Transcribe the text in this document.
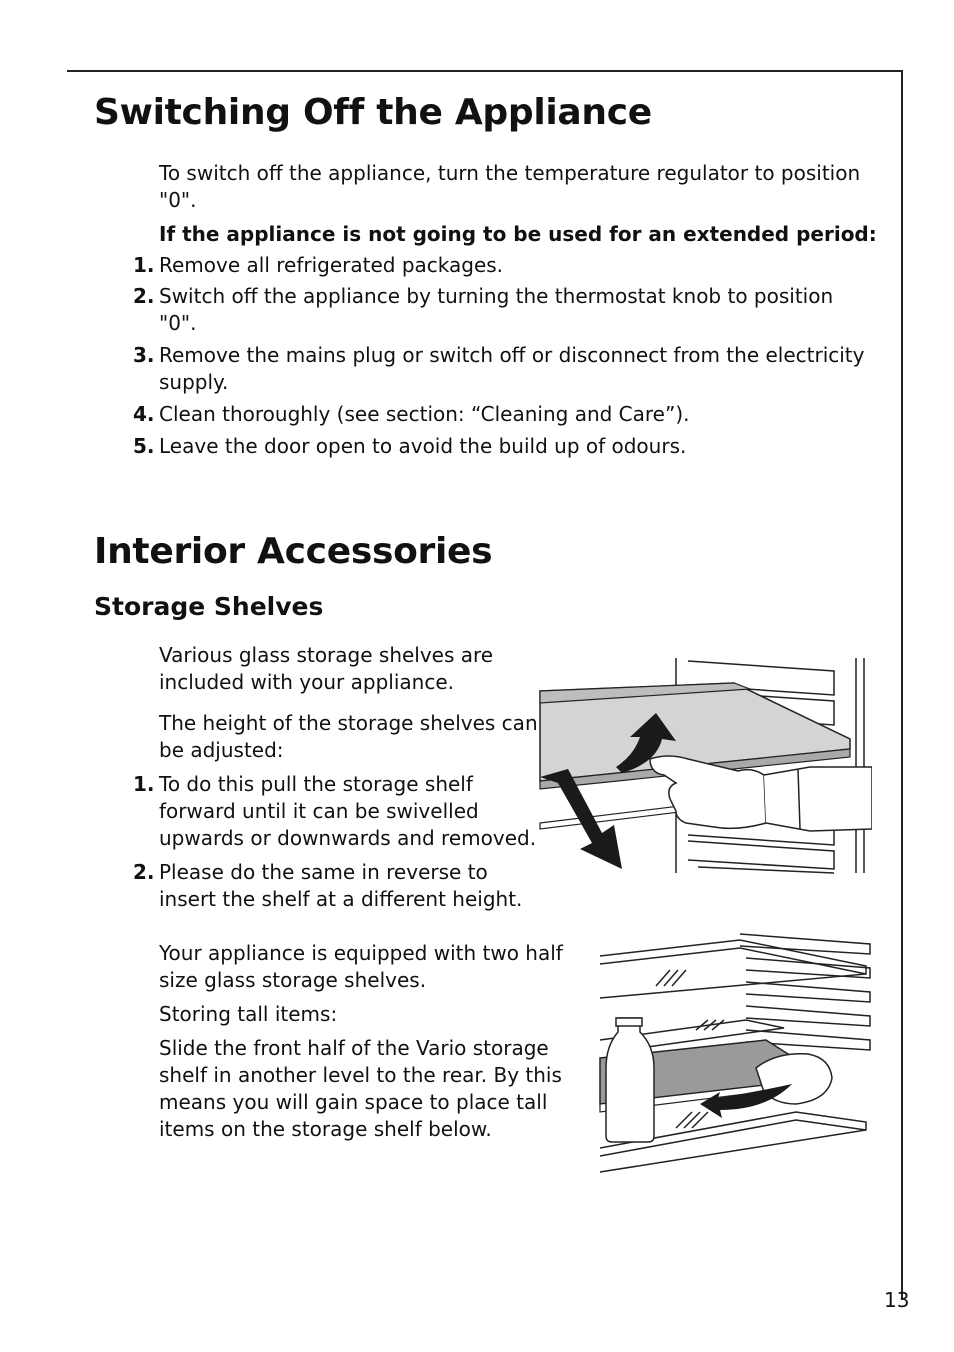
Switching Off the Appliance

To switch off the appliance, turn the temperature regulator to position "0".

If the appliance is not going to be used for an extended period:

1. Remove all refrigerated packages.

2. Switch off the appliance by turning the thermostat knob to position "0".

3. Remove the mains plug or switch off or disconnect from the electricity supply.

4. Clean thoroughly (see section: “Cleaning and Care”).

5. Leave the door open to avoid the build up of odours.

Interior Accessories
Storage Shelves

Various glass storage shelves are included with your appliance.

The height of the storage shelves can be adjusted:

1. To do this pull the storage shelf forward until it can be swivelled upwards or downwards and removed.

2. Please do the same in reverse to insert the shelf at a different height.

Your appliance is equipped with two half size glass storage shelves.

Storing tall items:

Slide the front half of the Vario storage shelf in another level to the rear. By this means you will gain space to place tall items on the storage shelf below.

13
